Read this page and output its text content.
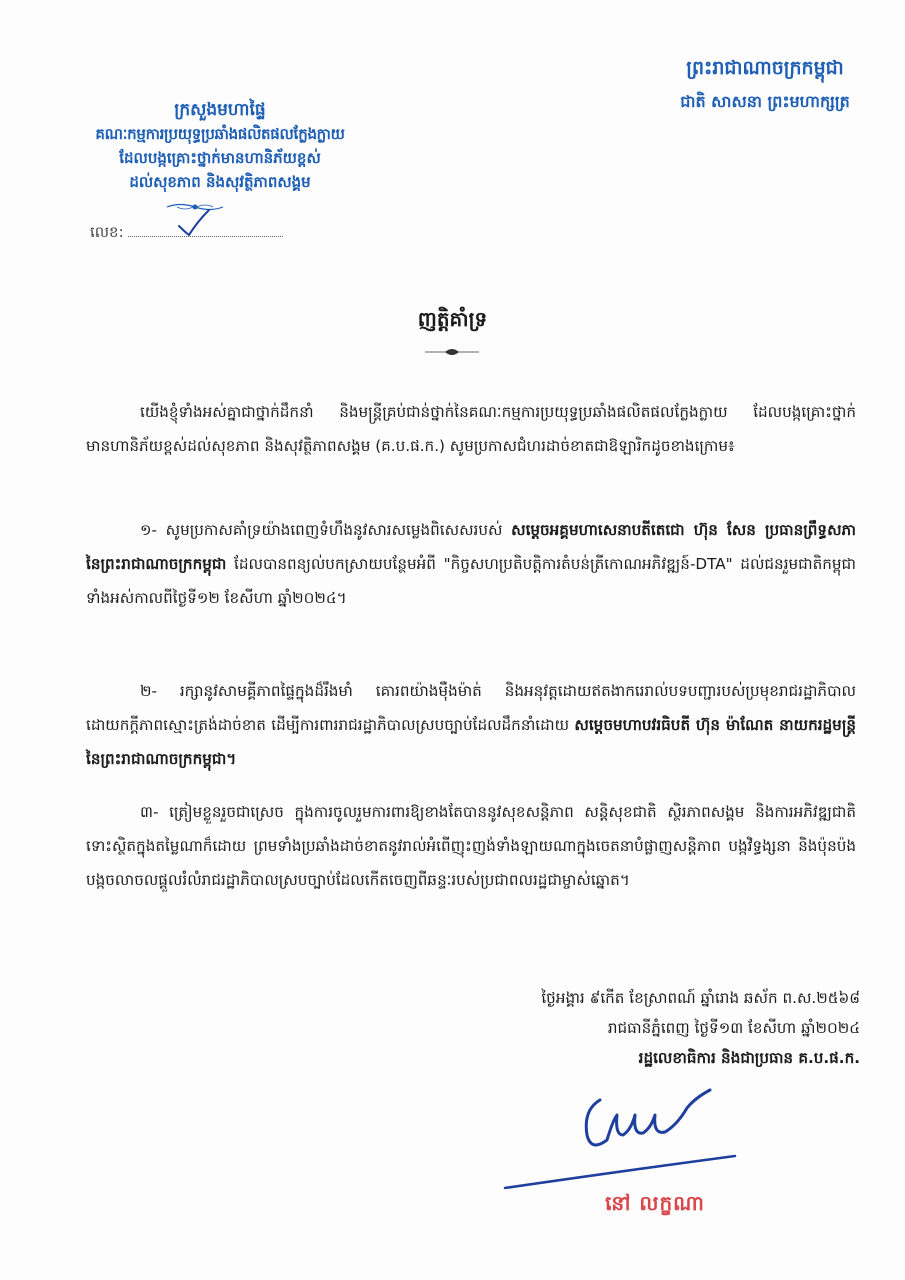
ក្រសួងមហាផ្ទៃ
គណៈកម្មការប្រយុទ្ធប្រឆាំងផលិតផលក្លែងក្លាយ
ដែលបង្កគ្រោះថ្នាក់មានហានិភ័យខ្ពស់
ដល់សុខភាព និងសុវត្ថិភាពសង្គម
លេខ:
ព្រះរាជាណាចក្រកម្ពុជា
ជាតិ សាសនា ព្រះមហាក្សត្រ
ញត្តិគាំទ្រ

យើងខ្ញុំទាំងអស់គ្នាជាថ្នាក់ដឹកនាំ និងមន្ត្រីគ្រប់ជាន់ថ្នាក់នៃគណៈកម្មការប្រយុទ្ធប្រឆាំងផលិតផលក្លែងក្លាយ ដែលបង្កគ្រោះថ្នាក់មានហានិភ័យខ្ពស់ដល់សុខភាព និងសុវត្ថិភាពសង្គម (គ.ប.ផ.ក.) សូមប្រកាសជំហរដាច់ខាតជាឱឡារិកដូចខាងក្រោម៖

១- សូមប្រកាសគាំទ្រយ៉ាងពេញទំហឹងនូវសារសម្លេងពិសេសរបស់ សម្តេចអគ្គមហាសេនាបតីតេជោ ហ៊ុន សែន ប្រធានព្រឹទ្ធសភា នៃព្រះរាជាណាចក្រកម្ពុជា ដែលបានពន្យល់បកស្រាយបន្ថែមអំពី "កិច្ចសហប្រតិបត្តិការតំបន់ត្រីកោណអភិវឌ្ឍន៍-DTA" ដល់ជនរួមជាតិកម្ពុជាទាំងអស់កាលពីថ្ងៃទី១២ ខែសីហា ឆ្នាំ២០២៤។

២- រក្សានូវសាមគ្គីភាពផ្ទៃក្នុងដ៏រឹងមាំ គោរពយ៉ាងម៉ឺងម៉ាត់ និងអនុវត្តដោយឥតងាករេរាល់បទបញ្ជារបស់ប្រមុខរាជរដ្ឋាភិបាល ដោយកក្តីភាពស្មោះត្រង់ដាច់ខាត ដើម្បីការពាររាជរដ្ឋាភិបាលស្របច្បាប់ដែលដឹកនាំដោយ សម្តេចមហាបវរធិបតី ហ៊ុន ម៉ាណែត នាយករដ្ឋមន្ត្រីនៃព្រះរាជាណាចក្រកម្ពុជា។

៣- ត្រៀមខ្លួនរួចជាស្រេច ក្នុងការចូលរួមការពារឱ្យខាងតែបាននូវសុខសន្តិភាព សន្តិសុខជាតិ ស្ថិរភាពសង្គម និងការអភិវឌ្ឍជាតិ ទោះស្ថិតក្នុងតម្លៃណាក៏ដោយ ព្រមទាំងប្រឆាំងដាច់ខាតនូវរាល់អំពើញុះញង់ទាំងឡាយណាក្នុងចេតនាបំផ្លាញសន្តិភាព បង្កវិទ្ធង្សនា និងប៉ុនប៉ងបង្កចលាចលផ្តួលរំលំរាជរដ្ឋាភិបាលស្របច្បាប់ដែលកើតចេញពីឆន្ទៈរបស់ប្រជាពលរដ្ឋជាម្ចាស់ឆ្នោត។

ថ្ងៃអង្គារ ៩កើត ខែស្រាពណ៍ ឆ្នាំរោង ឆស័ក ព.ស.២៥៦៨
រាជធានីភ្នំពេញ ថ្ងៃទី១៣ ខែសីហា ឆ្នាំ២០២៤
រដ្ឋលេខាធិការ និងជាប្រធាន គ.ប.ផ.ក.
នៅ លក្ខណា
